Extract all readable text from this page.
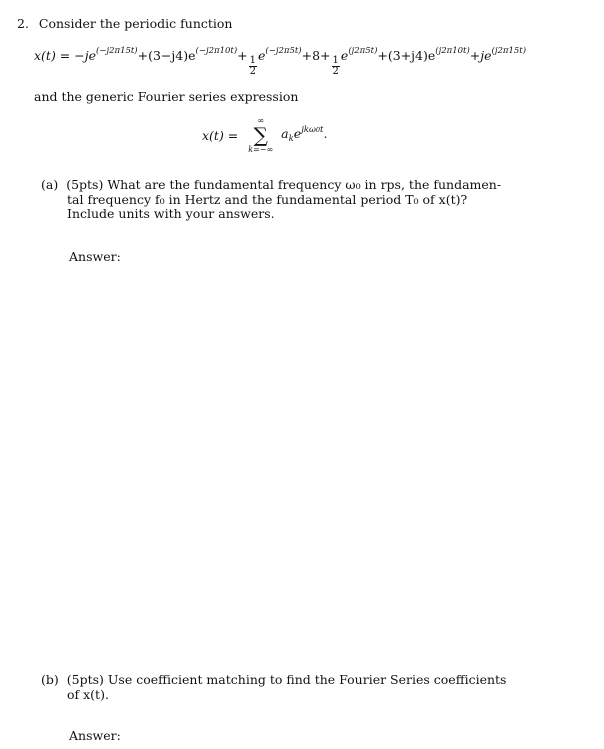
2. Consider the periodic function
$x(t) = -je^{(-j2\pi 15t)} +(3-j4)e^{(-j2\pi 10t)}$ +
$\frac{1}{2}$
$e^{(-j2\pi 5t)} +8+$
$\frac{1}{2}$
$e^{(j2\pi 5t)} +(3+j4)e^{(j2\pi 10t)} +je^{(j2\pi 15t)}$
and the generic Fourier series expression
x(t) =
∞
∑
k=−∞
$a_ke^{jk\omega 0t}$.

(a) (5pts) What are the fundamental frequency ω₀ in rps, the fundamen-

tal frequency f₀ in Hertz and the fundamental period T₀ of x(t)?

Include units with your answers.

Answer:

(b) (5pts) Use coefficient matching to find the Fourier Series coefficients

of x(t).

Answer:
